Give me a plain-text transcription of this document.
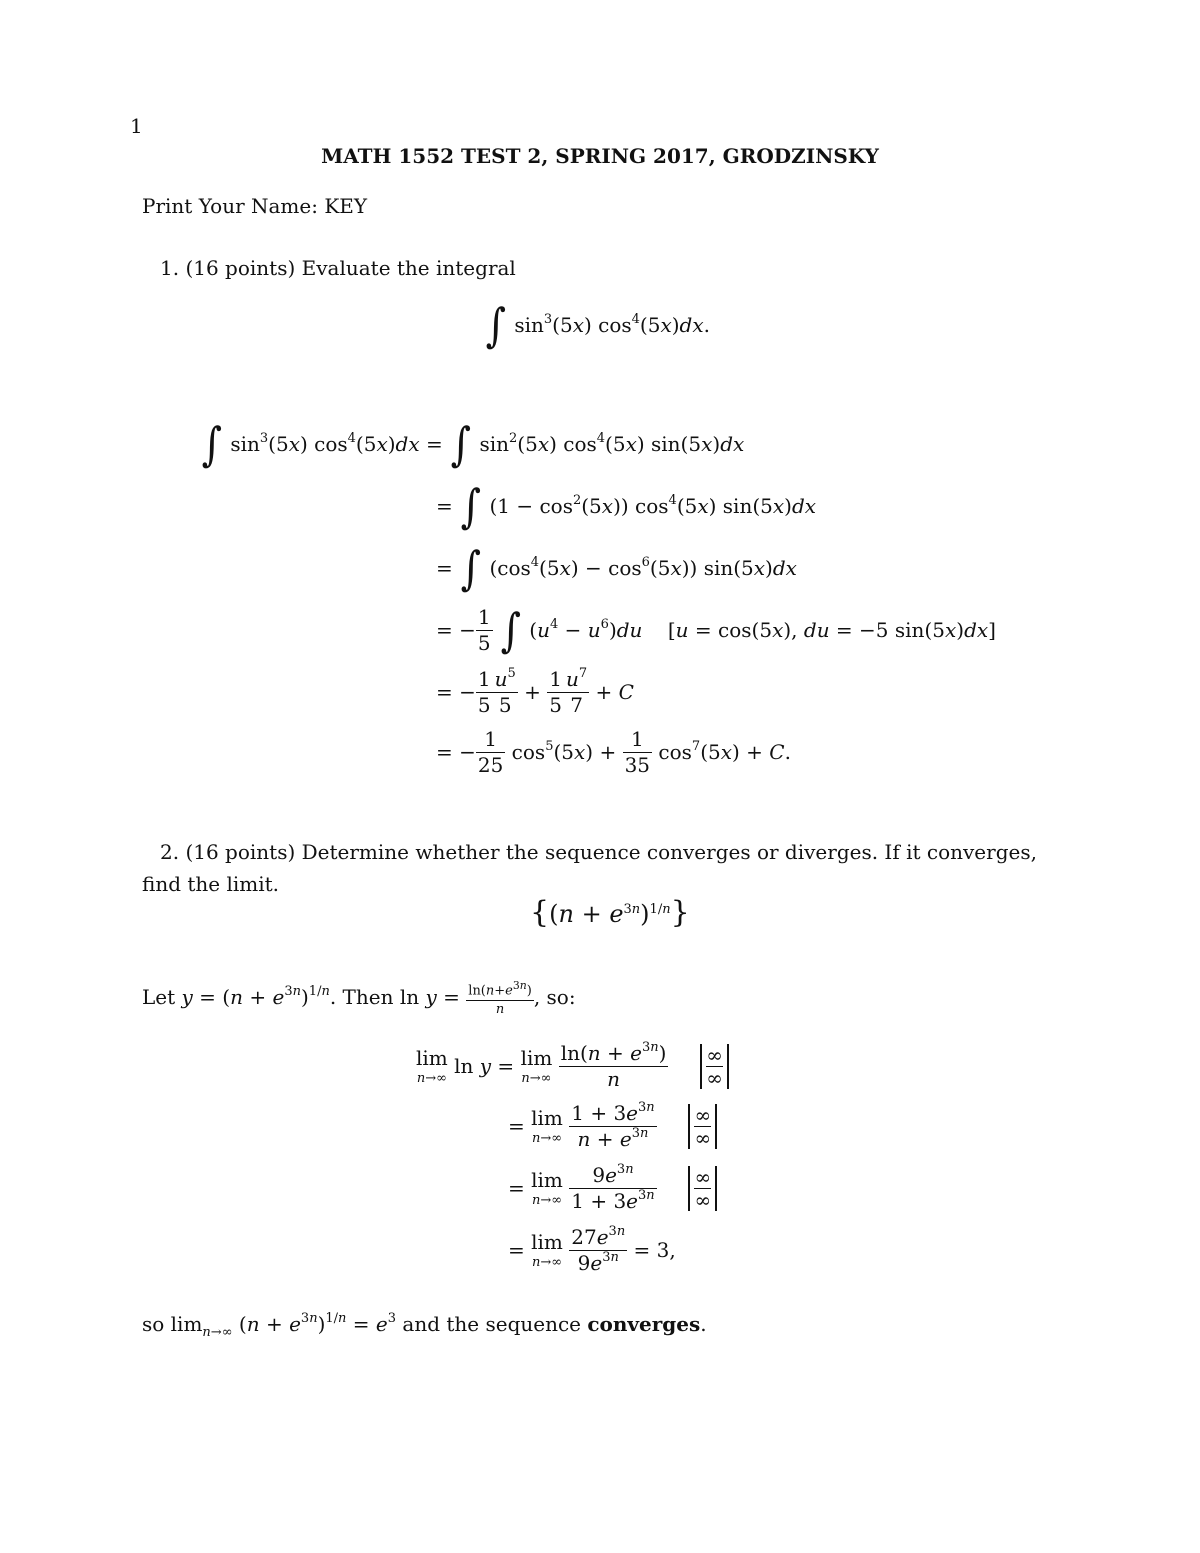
1
MATH 1552 TEST 2, SPRING 2017, GRODZINSKY
Print Your Name: KEY
1. (16 points) Evaluate the integral
∫ $\sin^3(5x)$ $\cos^4(5x)dx$.
∫ $\sin^3(5x) \cos^4(5x)dx$ = ∫ $\sin^2(5x)$ $\cos^4(5x)$ sin(5x)dx
= ∫ $(1 - \cos^2(5x))$ $\cos^4(5x)$ sin(5x)dx
= ∫ $(\cos^4(5x) - \cos^6(5x))$ sin(5x)dx
= − $\frac{1}{5}$
∫ $(u^4 - u^6)du$    [u = cos(5x), du = −5 sin(5x)dx]
= − $\frac{1}{5} \frac{u^5}{5} + \frac{1}{5} \frac{u^7}{7} + C$
= − $\frac{1}{25} \cos^5(5x) + \frac{1}{35} \cos^7(5x) + C$.
2. (16 points) Determine whether the sequence converges or diverges. If it converges,
find the limit.
$\{(n + e^{3n})^{1/n}\}$
Let $y = (n + e^{3n})^{1/n}$. Then $\ln y = \frac{\ln(n+e^{3n})}{n}$ , so:
lim
n→∞ ln y = lim
n→∞
$\frac{\ln(n + e^{3n})}{n}$
$\frac{\infty}{\infty}$
= lim
n→∞
$\frac{1 + 3e^{3n}}{n + e^{3n}}$
$\frac{\infty}{\infty}$
= lim
n→∞
$\frac{9e^{3n}}{1 + 3e^{3n}}$
$\frac{\infty}{\infty}$
= lim
n→∞
$\frac{27e^{3n}}{9e^{3n}} = 3$,
so $\lim_{n\to\infty} (n + e^{3n})^{1/n} = e^3$ and the sequence converges.
